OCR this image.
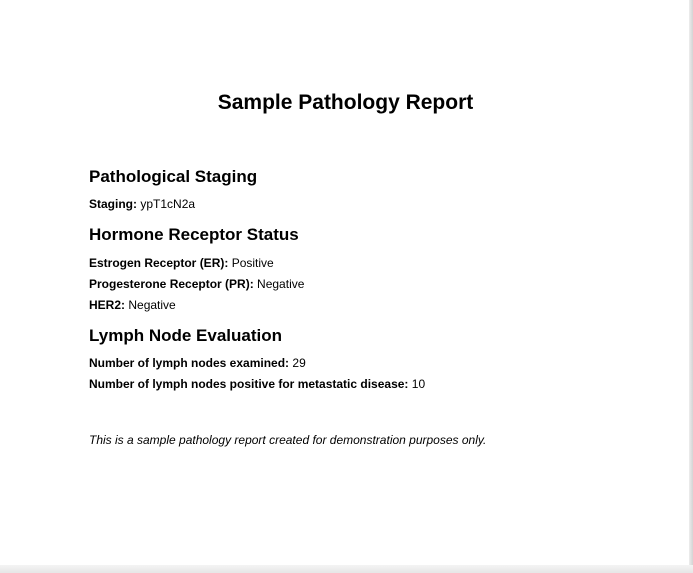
Sample Pathology Report
Pathological Staging
Staging: ypT1cN2a
Hormone Receptor Status
Estrogen Receptor (ER): Positive
Progesterone Receptor (PR): Negative
HER2: Negative
Lymph Node Evaluation
Number of lymph nodes examined: 29
Number of lymph nodes positive for metastatic disease: 10

This is a sample pathology report created for demonstration purposes only.
